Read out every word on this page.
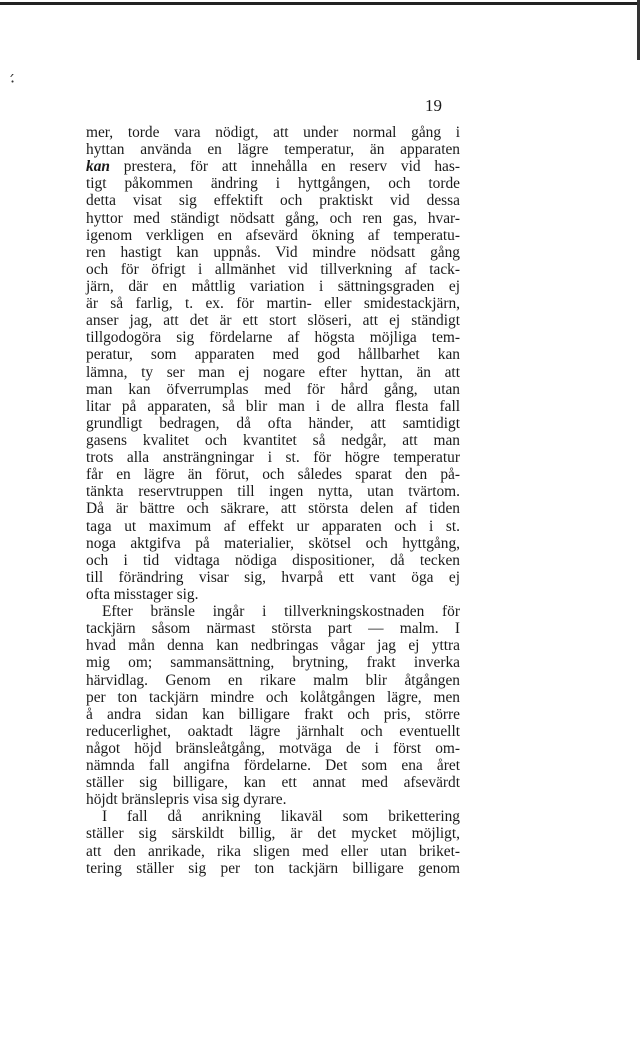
·́
19
mer, torde vara nödigt, att under normal gång i
hyttan använda en lägre temperatur, än apparaten
kan prestera, för att innehålla en reserv vid has-
tigt påkommen ändring i hyttgången, och torde
detta visat sig effektift och praktiskt vid dessa
hyttor med ständigt nödsatt gång, och ren gas, hvar-
igenom verkligen en afsevärd ökning af temperatu-
ren hastigt kan uppnås. Vid mindre nödsatt gång
och för öfrigt i allmänhet vid tillverkning af tack-
järn, där en måttlig variation i sättningsgraden ej
är så farlig, t. ex. för martin- eller smidestackjärn,
anser jag, att det är ett stort slöseri, att ej ständigt
tillgodogöra sig fördelarne af högsta möjliga tem-
peratur, som apparaten med god hållbarhet kan
lämna, ty ser man ej nogare efter hyttan, än att
man kan öfverrumplas med för hård gång, utan
litar på apparaten, så blir man i de allra flesta fall
grundligt bedragen, då ofta händer, att samtidigt
gasens kvalitet och kvantitet så nedgår, att man
trots alla ansträngningar i st. för högre temperatur
får en lägre än förut, och således sparat den på-
tänkta reservtruppen till ingen nytta, utan tvärtom.
Då är bättre och säkrare, att största delen af tiden
taga ut maximum af effekt ur apparaten och i st.
noga aktgifva på materialier, skötsel och hyttgång,
och i tid vidtaga nödiga dispositioner, då tecken
till förändring visar sig, hvarpå ett vant öga ej
ofta misstager sig.
Efter bränsle ingår i tillverkningskostnaden för
tackjärn såsom närmast största part — malm. I
hvad mån denna kan nedbringas vågar jag ej yttra
mig om; sammansättning, brytning, frakt inverka
härvidlag. Genom en rikare malm blir åtgången
per ton tackjärn mindre och kolåtgången lägre, men
å andra sidan kan billigare frakt och pris, större
reducerlighet, oaktadt lägre järnhalt och eventuellt
något höjd bränsleåtgång, motväga de i först om-
nämnda fall angifna fördelarne. Det som ena året
ställer sig billigare, kan ett annat med afsevärdt
höjdt bränslepris visa sig dyrare.
I fall då anrikning likaväl som brikettering
ställer sig särskildt billig, är det mycket möjligt,
att den anrikade, rika sligen med eller utan briket-
tering ställer sig per ton tackjärn billigare genom
